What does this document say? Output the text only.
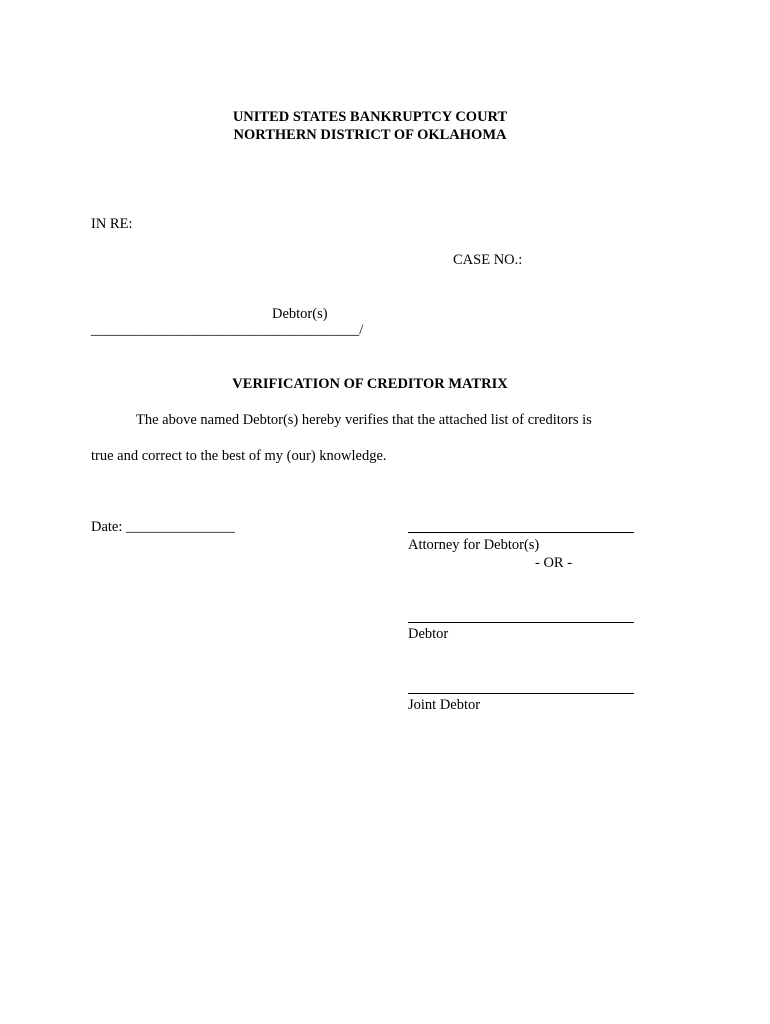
UNITED STATES BANKRUPTCY COURT
NORTHERN DISTRICT OF OKLAHOMA
IN RE:
CASE NO.:
Debtor(s)
_____________________________________/
VERIFICATION OF CREDITOR MATRIX
The above named Debtor(s) hereby verifies that the attached list of creditors is
true and correct to the best of my (our) knowledge.
Date: _______________
Attorney for Debtor(s)
- OR -
Debtor
Joint Debtor
